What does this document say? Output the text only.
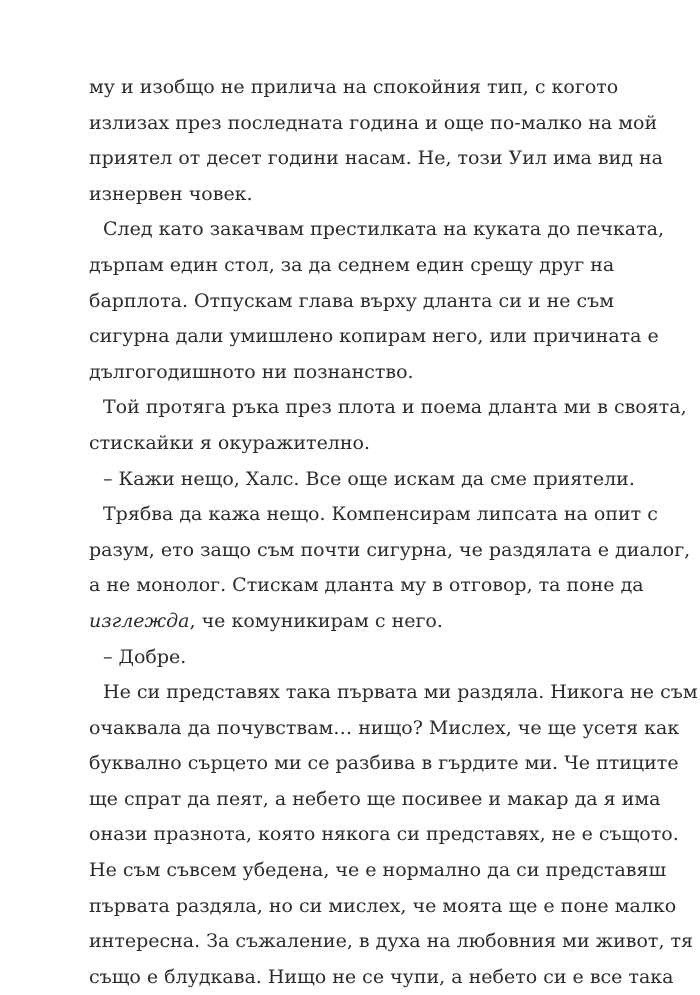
му и изобщо не прилича на спокойния тип, с когото
излизах през последната година и още по-малко на мой
приятел от десет години насам. Не, този Уил има вид на
изнервен човек.
След като закачвам престилката на куката до печката,
дърпам един стол, за да седнем един срещу друг на
барплота. Отпускам глава върху дланта си и не съм
сигурна дали умишлено копирам него, или причината е
дългогодишното ни познанство.
Той протяга ръка през плота и поема дланта ми в своята,
стискайки я окуражително.
– Кажи нещо, Халс. Все още искам да сме приятели.
Трябва да кажа нещо. Компенсирам липсата на опит с
разум, ето защо съм почти сигурна, че раздялата е диалог,
а не монолог. Стискам дланта му в отговор, та поне да
изглежда, че комуникирам с него.
– Добре.
Не си представях така първата ми раздяла. Никога не съм
очаквала да почувствам… нищо? Мислех, че ще усетя как
буквално сърцето ми се разбива в гърдите ми. Че птиците
ще спрат да пеят, а небето ще посивее и макар да я има
онази празнота, която някога си представях, не е същото.
Не съм съвсем убедена, че е нормално да си представяш
първата раздяла, но си мислех, че моята ще е поне малко
интересна. За съжаление, в духа на любовния ми живот, тя
също е блудкава. Нищо не се чупи, а небето си е все така
